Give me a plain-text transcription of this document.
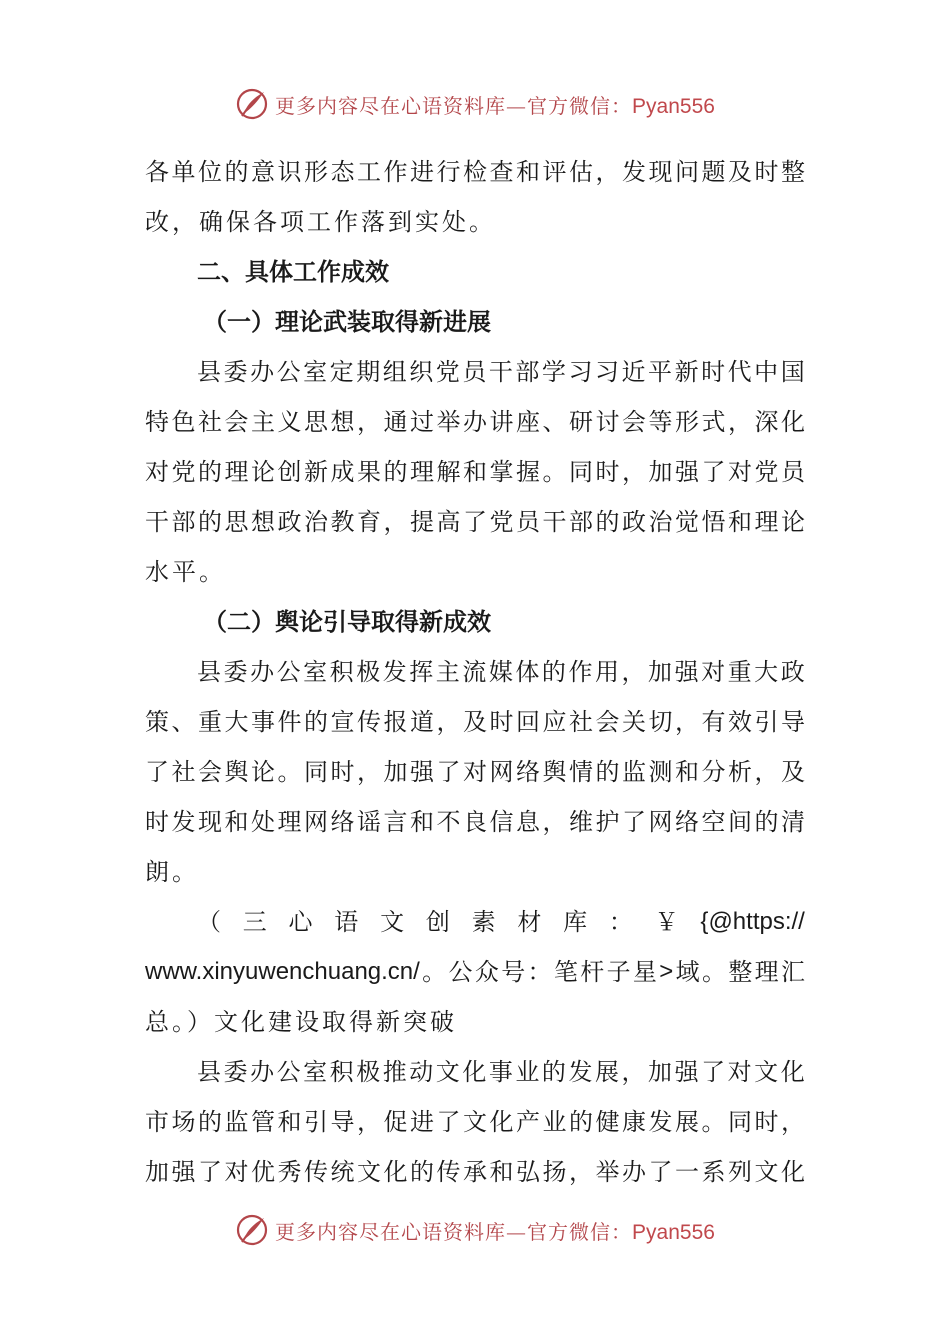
更多内容尽在心语资料库—官方微信：Pyan556
各 单 位 的 意 识 形 态 工 作 进 行 检 查 和 评 估 ， 发 现 问 题 及 时 整
改，确保各项工作落到实处。
二、具体工作成效
（一）理论武装取得新进展
县 委 办 公 室 定 期 组 织 党 员 干 部 学 习 习 近 平 新 时 代 中 国
特 色 社 会 主 义 思 想 ， 通 过 举 办 讲 座 、 研 讨 会 等 形 式 ， 深 化
对 党 的 理 论 创 新 成 果 的 理 解 和 掌 握 。 同 时 ， 加 强 了 对 党 员
干 部 的 思 想 政 治 教 育 ， 提 高 了 党 员 干 部 的 政 治 觉 悟 和 理 论
水平。
（二）舆论引导取得新成效
县 委 办 公 室 积 极 发 挥 主 流 媒 体 的 作 用 ， 加 强 对 重 大 政
策 、 重 大 事 件 的 宣 传 报 道 ， 及 时 回 应 社 会 关 切 ， 有 效 引 导
了 社 会 舆 论 。 同 时 ， 加 强 了 对 网 络 舆 情 的 监 测 和 分 析 ， 及
时 发 现 和 处 理 网 络 谣 言 和 不 良 信 息 ， 维 护 了 网 络 空 间 的 清
朗。
（ 三 心 语 文 创 素 材 库 ： ￥ {@https://
www.xinyuwenchuang.cn/ 。 公 众 号 ： 笔 杆 子 星 > 域 。 整 理 汇
总。）文化建设取得新突破
县 委 办 公 室 积 极 推 动 文 化 事 业 的 发 展 ， 加 强 了 对 文 化
市 场 的 监 管 和 引 导 ， 促 进 了 文 化 产 业 的 健 康 发 展 。 同 时 ，
加 强 了 对 优 秀 传 统 文 化 的 传 承 和 弘 扬 ， 举 办 了 一 系 列 文 化
更多内容尽在心语资料库—官方微信：Pyan556
